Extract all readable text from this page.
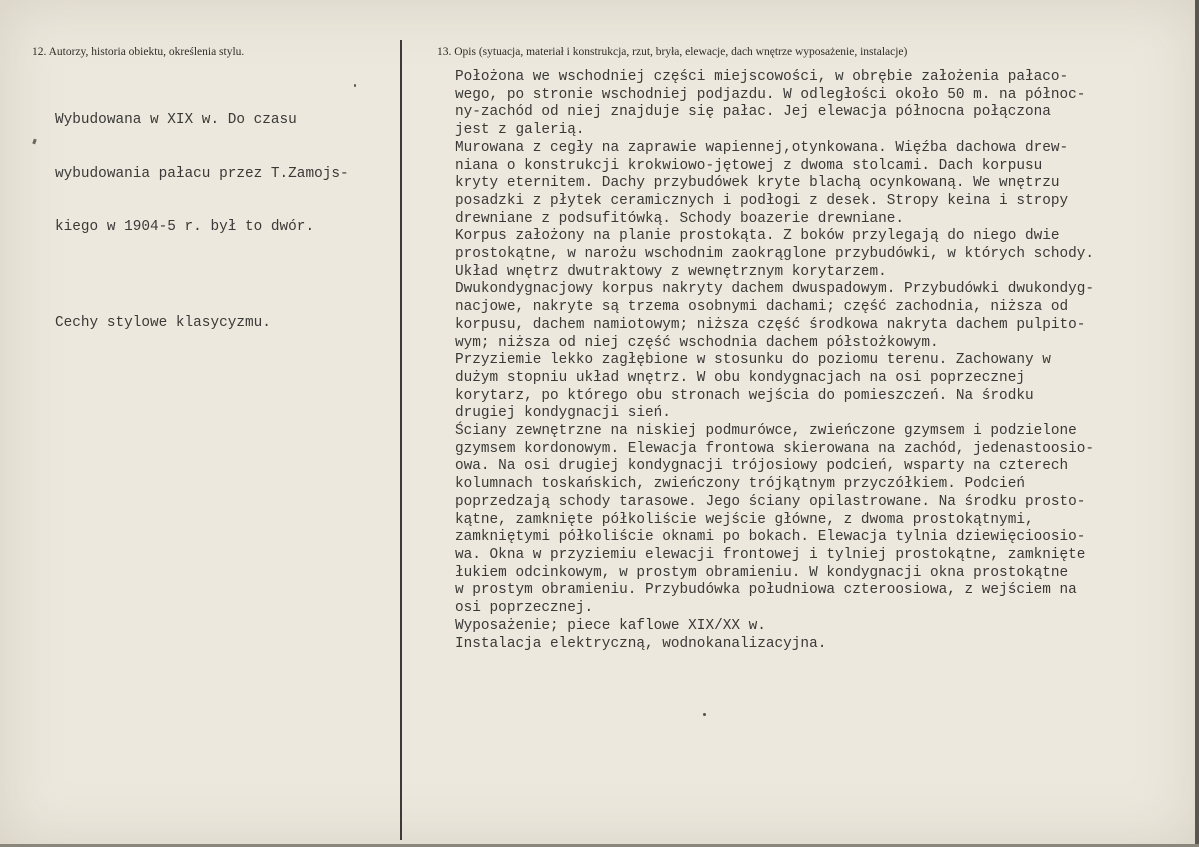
12. Autorzy, historia obiektu, określenia stylu.	13. Opis (sytuacja, materiał i konstrukcja, rzut, bryła, elewacje, dach wnętrze wyposażenie, instalacje)

Wybudowana w XIX w. Do czasu

wybudowania pałacu przez T.Zamojs-

kiego w 1904-5 r. był to dwór.

Cechy stylowe klasycyzmu.

Położona we wschodniej części miejscowości, w obrębie założenia pałaco-
wego, po stronie wschodniej podjazdu. W odległości około 50 m. na północ-
ny-zachód od niej znajduje się pałac. Jej elewacja północna połączona
jest z galerią.
Murowana z cegły na zaprawie wapiennej,otynkowana. Więźba dachowa drew-
niana o konstrukcji krokwiowo-jętowej z dwoma stolcami. Dach korpusu
kryty eternitem. Dachy przybudówek kryte blachą ocynkowaną. We wnętrzu
posadzki z płytek ceramicznych i podłogi z desek. Stropy keina i stropy
drewniane z podsufitówką. Schody boazerie drewniane.
Korpus założony na planie prostokąta. Z boków przylegają do niego dwie
prostokątne, w narożu wschodnim zaokrąglone przybudówki, w których schody.
Układ wnętrz dwutraktowy z wewnętrznym korytarzem.
Dwukondygnacjowy korpus nakryty dachem dwuspadowym. Przybudówki dwukondyg-
nacjowe, nakryte są trzema osobnymi dachami; część zachodnia, niższa od
korpusu, dachem namiotowym; niższa część środkowa nakryta dachem pulpito-
wym; niższa od niej część wschodnia dachem półstożkowym.
Przyziemie lekko zagłębione w stosunku do poziomu terenu. Zachowany w
dużym stopniu układ wnętrz. W obu kondygnacjach na osi poprzecznej
korytarz, po którego obu stronach wejścia do pomieszczeń. Na środku
drugiej kondygnacji sień.
Ściany zewnętrzne na niskiej podmurówce, zwieńczone gzymsem i podzielone
gzymsem kordonowym. Elewacja frontowa skierowana na zachód, jedenastoosio-
owa. Na osi drugiej kondygnacji trójosiowy podcień, wsparty na czterech
kolumnach toskańskich, zwieńczony trójkątnym przyczółkiem. Podcień
poprzedzają schody tarasowe. Jego ściany opilastrowane. Na środku prosto-
kątne, zamknięte półkoliście wejście główne, z dwoma prostokątnymi,
zamkniętymi półkoliście oknami po bokach. Elewacja tylnia dziewięcioosio-
wa. Okna w przyziemiu elewacji frontowej i tylniej prostokątne, zamknięte
łukiem odcinkowym, w prostym obramieniu. W kondygnacji okna prostokątne
w prostym obramieniu. Przybudówka południowa czteroosiowa, z wejściem na
osi poprzecznej.
Wyposażenie; piece kaflowe XIX/XX w.
Instalacja elektryczną, wodnokanalizacyjna.
